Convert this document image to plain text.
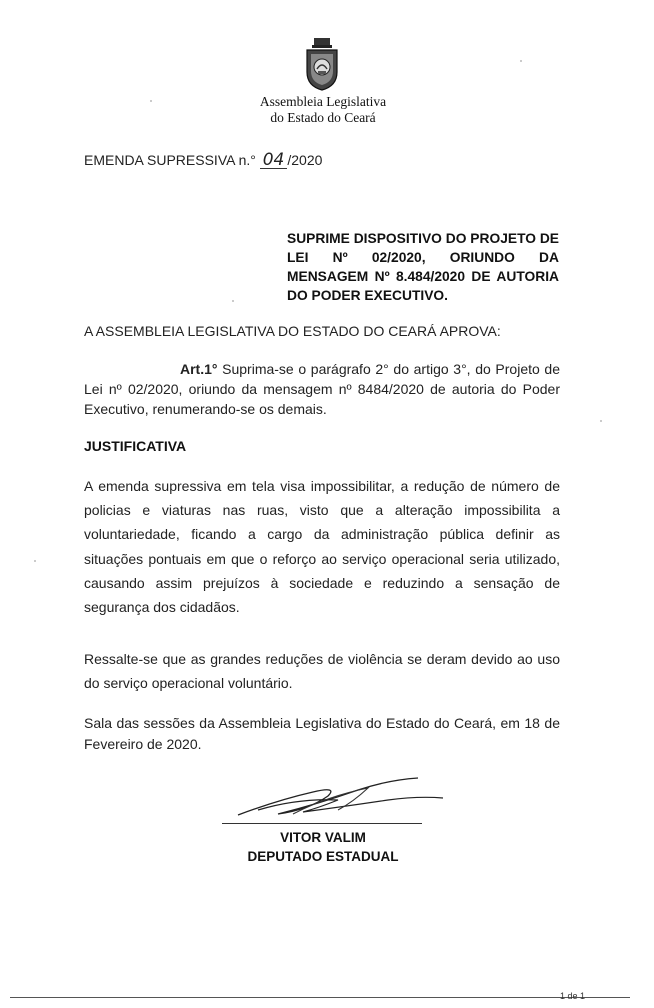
Assembleia Legislativa
do Estado do Ceará
EMENDA SUPRESSIVA n.° 04 /2020
SUPRIME DISPOSITIVO DO PROJETO DE LEI Nº 02/2020, ORIUNDO DA MENSAGEM Nº 8.484/2020 DE AUTORIA DO PODER EXECUTIVO.
A ASSEMBLEIA LEGISLATIVA DO ESTADO DO CEARÁ APROVA:
Art.1° Suprima-se o parágrafo 2° do artigo 3°, do Projeto de Lei nº 02/2020, oriundo da mensagem nº 8484/2020 de autoria do Poder Executivo, renumerando-se os demais.
JUSTIFICATIVA
A emenda supressiva em tela visa impossibilitar, a redução de número de policias e viaturas nas ruas, visto que a alteração impossibilita a voluntariedade, ficando a cargo da administração pública definir as situações pontuais em que o reforço ao serviço operacional seria utilizado, causando assim prejuízos à sociedade e reduzindo a sensação de segurança dos cidadãos.
Ressalte-se que as grandes reduções de violência se deram devido ao uso do serviço operacional voluntário.
Sala das sessões da Assembleia Legislativa do Estado do Ceará, em 18 de Fevereiro de 2020.
VITOR VALIM
DEPUTADO ESTADUAL
1 de 1
